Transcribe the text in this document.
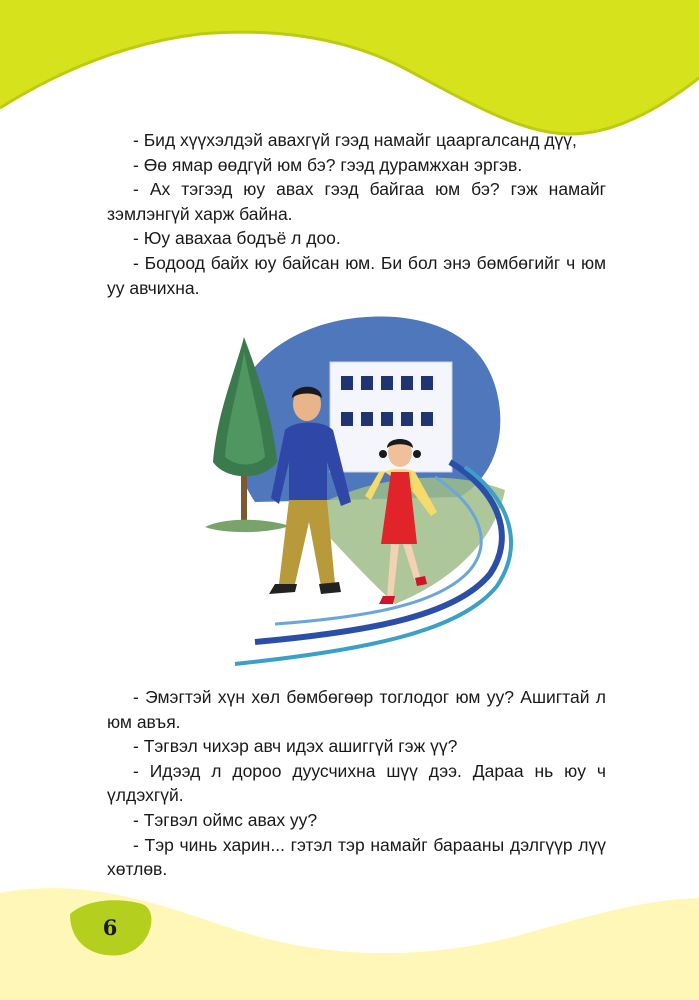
- Бид хүүхэлдэй авахгүй гээд намайг цааргалсанд дүү,

- Өө ямар өөдгүй юм бэ? гээд дурамжхан эргэв.

- Ах тэгээд юу авах гээд байгаа юм бэ? гэж намайг зэмлэнгүй харж байна.

- Юу авахаа бодъё л доо.

- Бодоод байх юу байсан юм. Би бол энэ бөмбөгийг ч юм уу авчихна.

- Эмэгтэй хүн хөл бөмбөгөөр тоглодог юм уу? Ашигтай л юм авъя.

- Тэгвэл чихэр авч идэх ашиггүй гэж үү?

- Идээд л дороо дуусчихна шүү дээ. Дараа нь юу ч үлдэхгүй.

- Тэгвэл оймс авах уу?

- Тэр чинь харин... гэтэл тэр намайг барааны дэлгүүр лүү хөтлөв.

6
